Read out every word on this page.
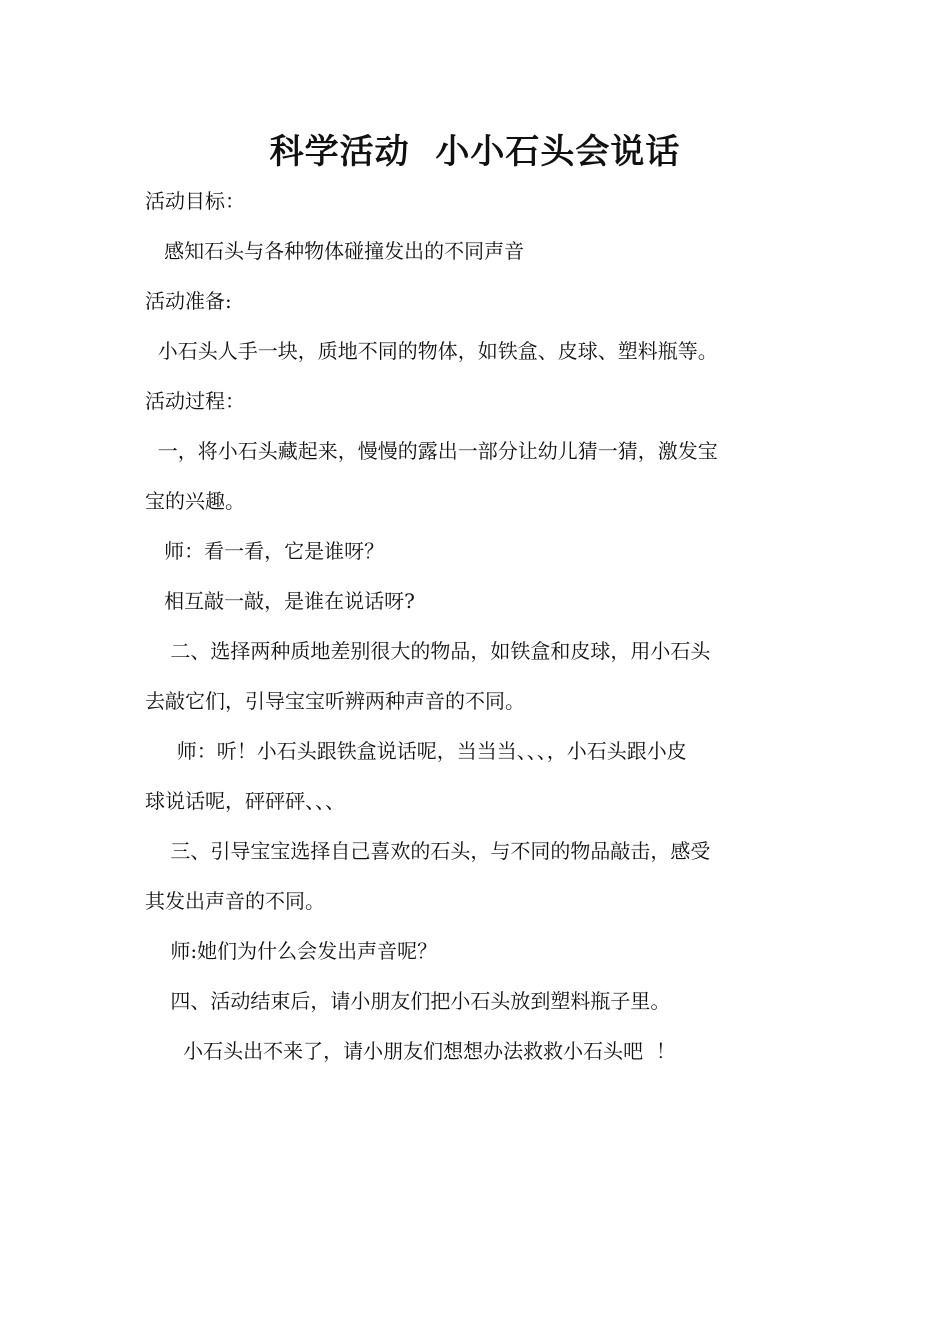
科学活动  小小石头会说话
活动目标：
感知石头与各种物体碰撞发出的不同声音
活动准备:
小石头人手一块，质地不同的物体，如铁盒、皮球、塑料瓶等。
活动过程：
一，将小石头藏起来，慢慢的露出一部分让幼儿猜一猜，激发宝
宝的兴趣。
师：看一看，它是谁呀？
相互敲一敲，是谁在说话呀?
二、选择两种质地差别很大的物品，如铁盒和皮球，用小石头
去敲它们，引导宝宝听辨两种声音的不同。
师：听！小石头跟铁盒说话呢，当当当、、、，小石头跟小皮
球说话呢，砰砰砰、、、
三、引导宝宝选择自己喜欢的石头，与不同的物品敲击，感受
其发出声音的不同。
师:她们为什么会发出声音呢？
四、活动结束后，请小朋友们把小石头放到塑料瓶子里。
小石头出不来了，请小朋友们想想办法救救小石头吧  ！
